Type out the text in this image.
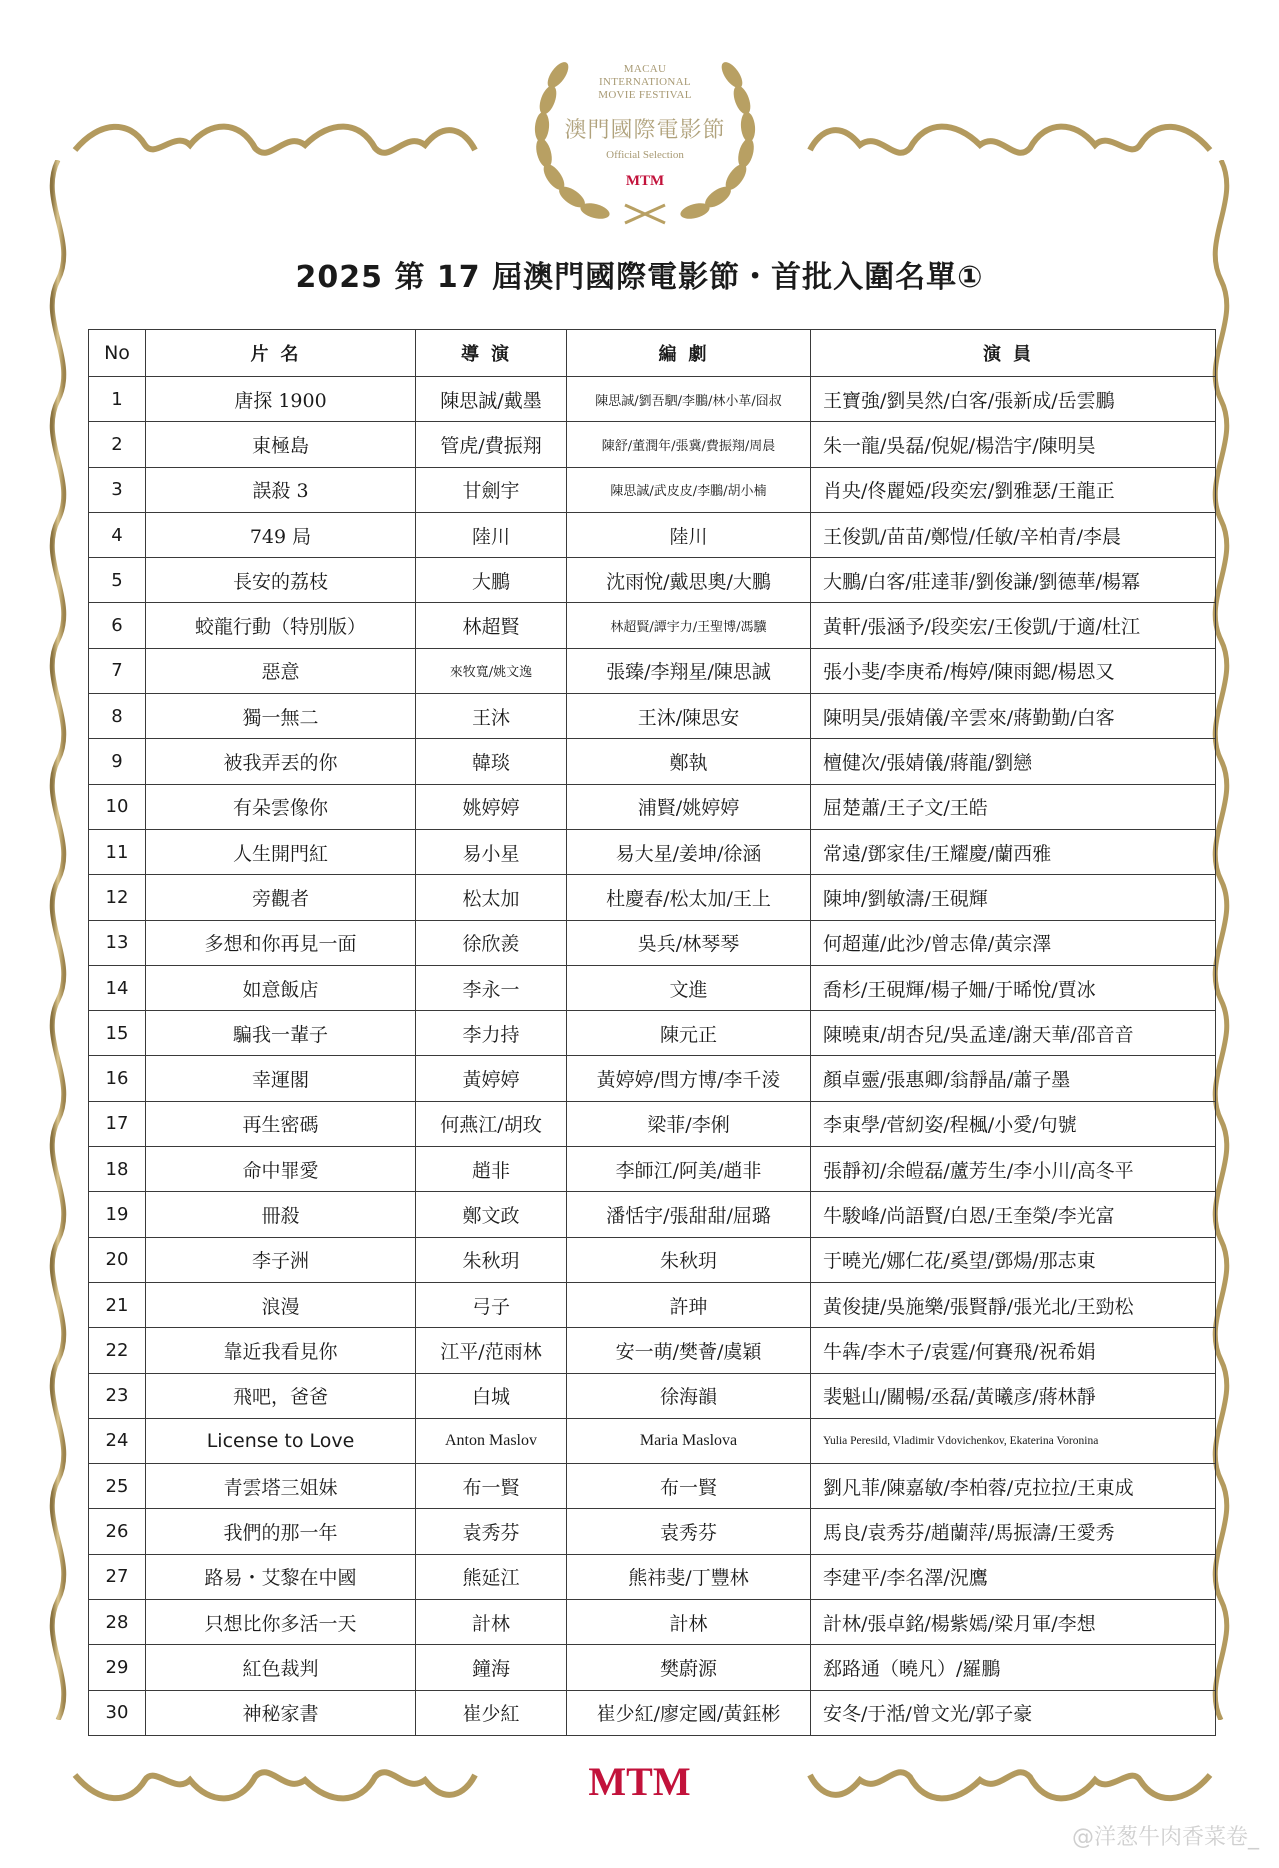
MACAU
INTERNATIONAL
MOVIE FESTIVAL
澳門國際電影節
Official Selection
MTM
2025 第 17 屆澳門國際電影節・首批入圍名單①
No	片名	導演	編劇	演員
1	唐探 1900	陳思誠/戴墨	陳思誠/劉吾駟/李鵬/林小革/囧叔	王寶強/劉昊然/白客/張新成/岳雲鵬
2	東極島	管虎/費振翔	陳舒/董潤年/張冀/費振翔/周晨	朱一龍/吳磊/倪妮/楊浩宇/陳明昊
3	誤殺 3	甘劍宇	陳思誠/武皮皮/李鵬/胡小楠	肖央/佟麗婭/段奕宏/劉雅瑟/王龍正
4	749 局	陸川	陸川	王俊凱/苗苗/鄭愷/任敏/辛柏青/李晨
5	長安的荔枝	大鵬	沈雨悅/戴思奧/大鵬	大鵬/白客/莊達菲/劉俊謙/劉德華/楊冪
6	蛟龍行動（特別版）	林超賢	林超賢/譚宇力/王聖博/馮驥	黃軒/張涵予/段奕宏/王俊凱/于適/杜江
7	惡意	來牧寬/姚文逸	張臻/李翔星/陳思誠	張小斐/李庚希/梅婷/陳雨鍶/楊恩又
8	獨一無二	王沐	王沐/陳思安	陳明昊/張婧儀/辛雲來/蔣勤勤/白客
9	被我弄丟的你	韓琰	鄭執	檀健次/張婧儀/蔣龍/劉戀
10	有朵雲像你	姚婷婷	浦賢/姚婷婷	屈楚蕭/王子文/王皓
11	人生開門紅	易小星	易大星/姜坤/徐涵	常遠/鄧家佳/王耀慶/蘭西雅
12	旁觀者	松太加	杜慶春/松太加/王上	陳坤/劉敏濤/王硯輝
13	多想和你再見一面	徐欣羨	吳兵/林琴琴	何超蓮/此沙/曾志偉/黃宗澤
14	如意飯店	李永一	文進	喬杉/王硯輝/楊子姍/于晞悅/賈冰
15	騙我一輩子	李力持	陳元正	陳曉東/胡杏兒/吳孟達/謝天華/邵音音
16	幸運閣	黃婷婷	黃婷婷/閆方博/李千淩	顏卓靈/張惠卿/翁靜晶/蕭子墨
17	再生密碼	何燕江/胡玫	梁菲/李俐	李東學/菅紉姿/程楓/小愛/句號
18	命中罪愛	趙非	李師江/阿美/趙非	張靜初/余皚磊/蘆芳生/李小川/高冬平
19	冊殺	鄭文政	潘恬宇/張甜甜/屈璐	牛駿峰/尚語賢/白恩/王奎榮/李光富
20	李子洲	朱秋玥	朱秋玥	于曉光/娜仁花/奚望/鄧煬/那志東
21	浪漫	弓子	許珅	黃俊捷/吳施樂/張賢靜/張光北/王勁松
22	靠近我看見你	江平/范雨林	安一萌/樊薈/虞穎	牛犇/李木子/袁霆/何賽飛/祝希娟
23	飛吧，爸爸	白城	徐海韻	裴魁山/關暢/丞磊/黃曦彦/蔣林靜
24	License to Love	Anton Maslov	Maria Maslova	Yulia Peresild, Vladimir Vdovichenkov, Ekaterina Voronina
25	青雲塔三姐妹	布一賢	布一賢	劉凡菲/陳嘉敏/李柏蓉/克拉拉/王東成
26	我們的那一年	袁秀芬	袁秀芬	馬良/袁秀芬/趙蘭萍/馬振濤/王愛秀
27	路易・艾黎在中國	熊延江	熊祎斐/丁豐林	李建平/李名澤/況鷹
28	只想比你多活一天	計林	計林	計林/張卓銘/楊紫嫣/梁月軍/李想
29	紅色裁判	鐘海	樊蔚源	郄路通（曉凡）/羅鵬
30	神秘家書	崔少紅	崔少紅/廖定國/黃鈺彬	安冬/于湉/曾文光/郭子豪
MTM
@洋葱牛肉香菜卷_
